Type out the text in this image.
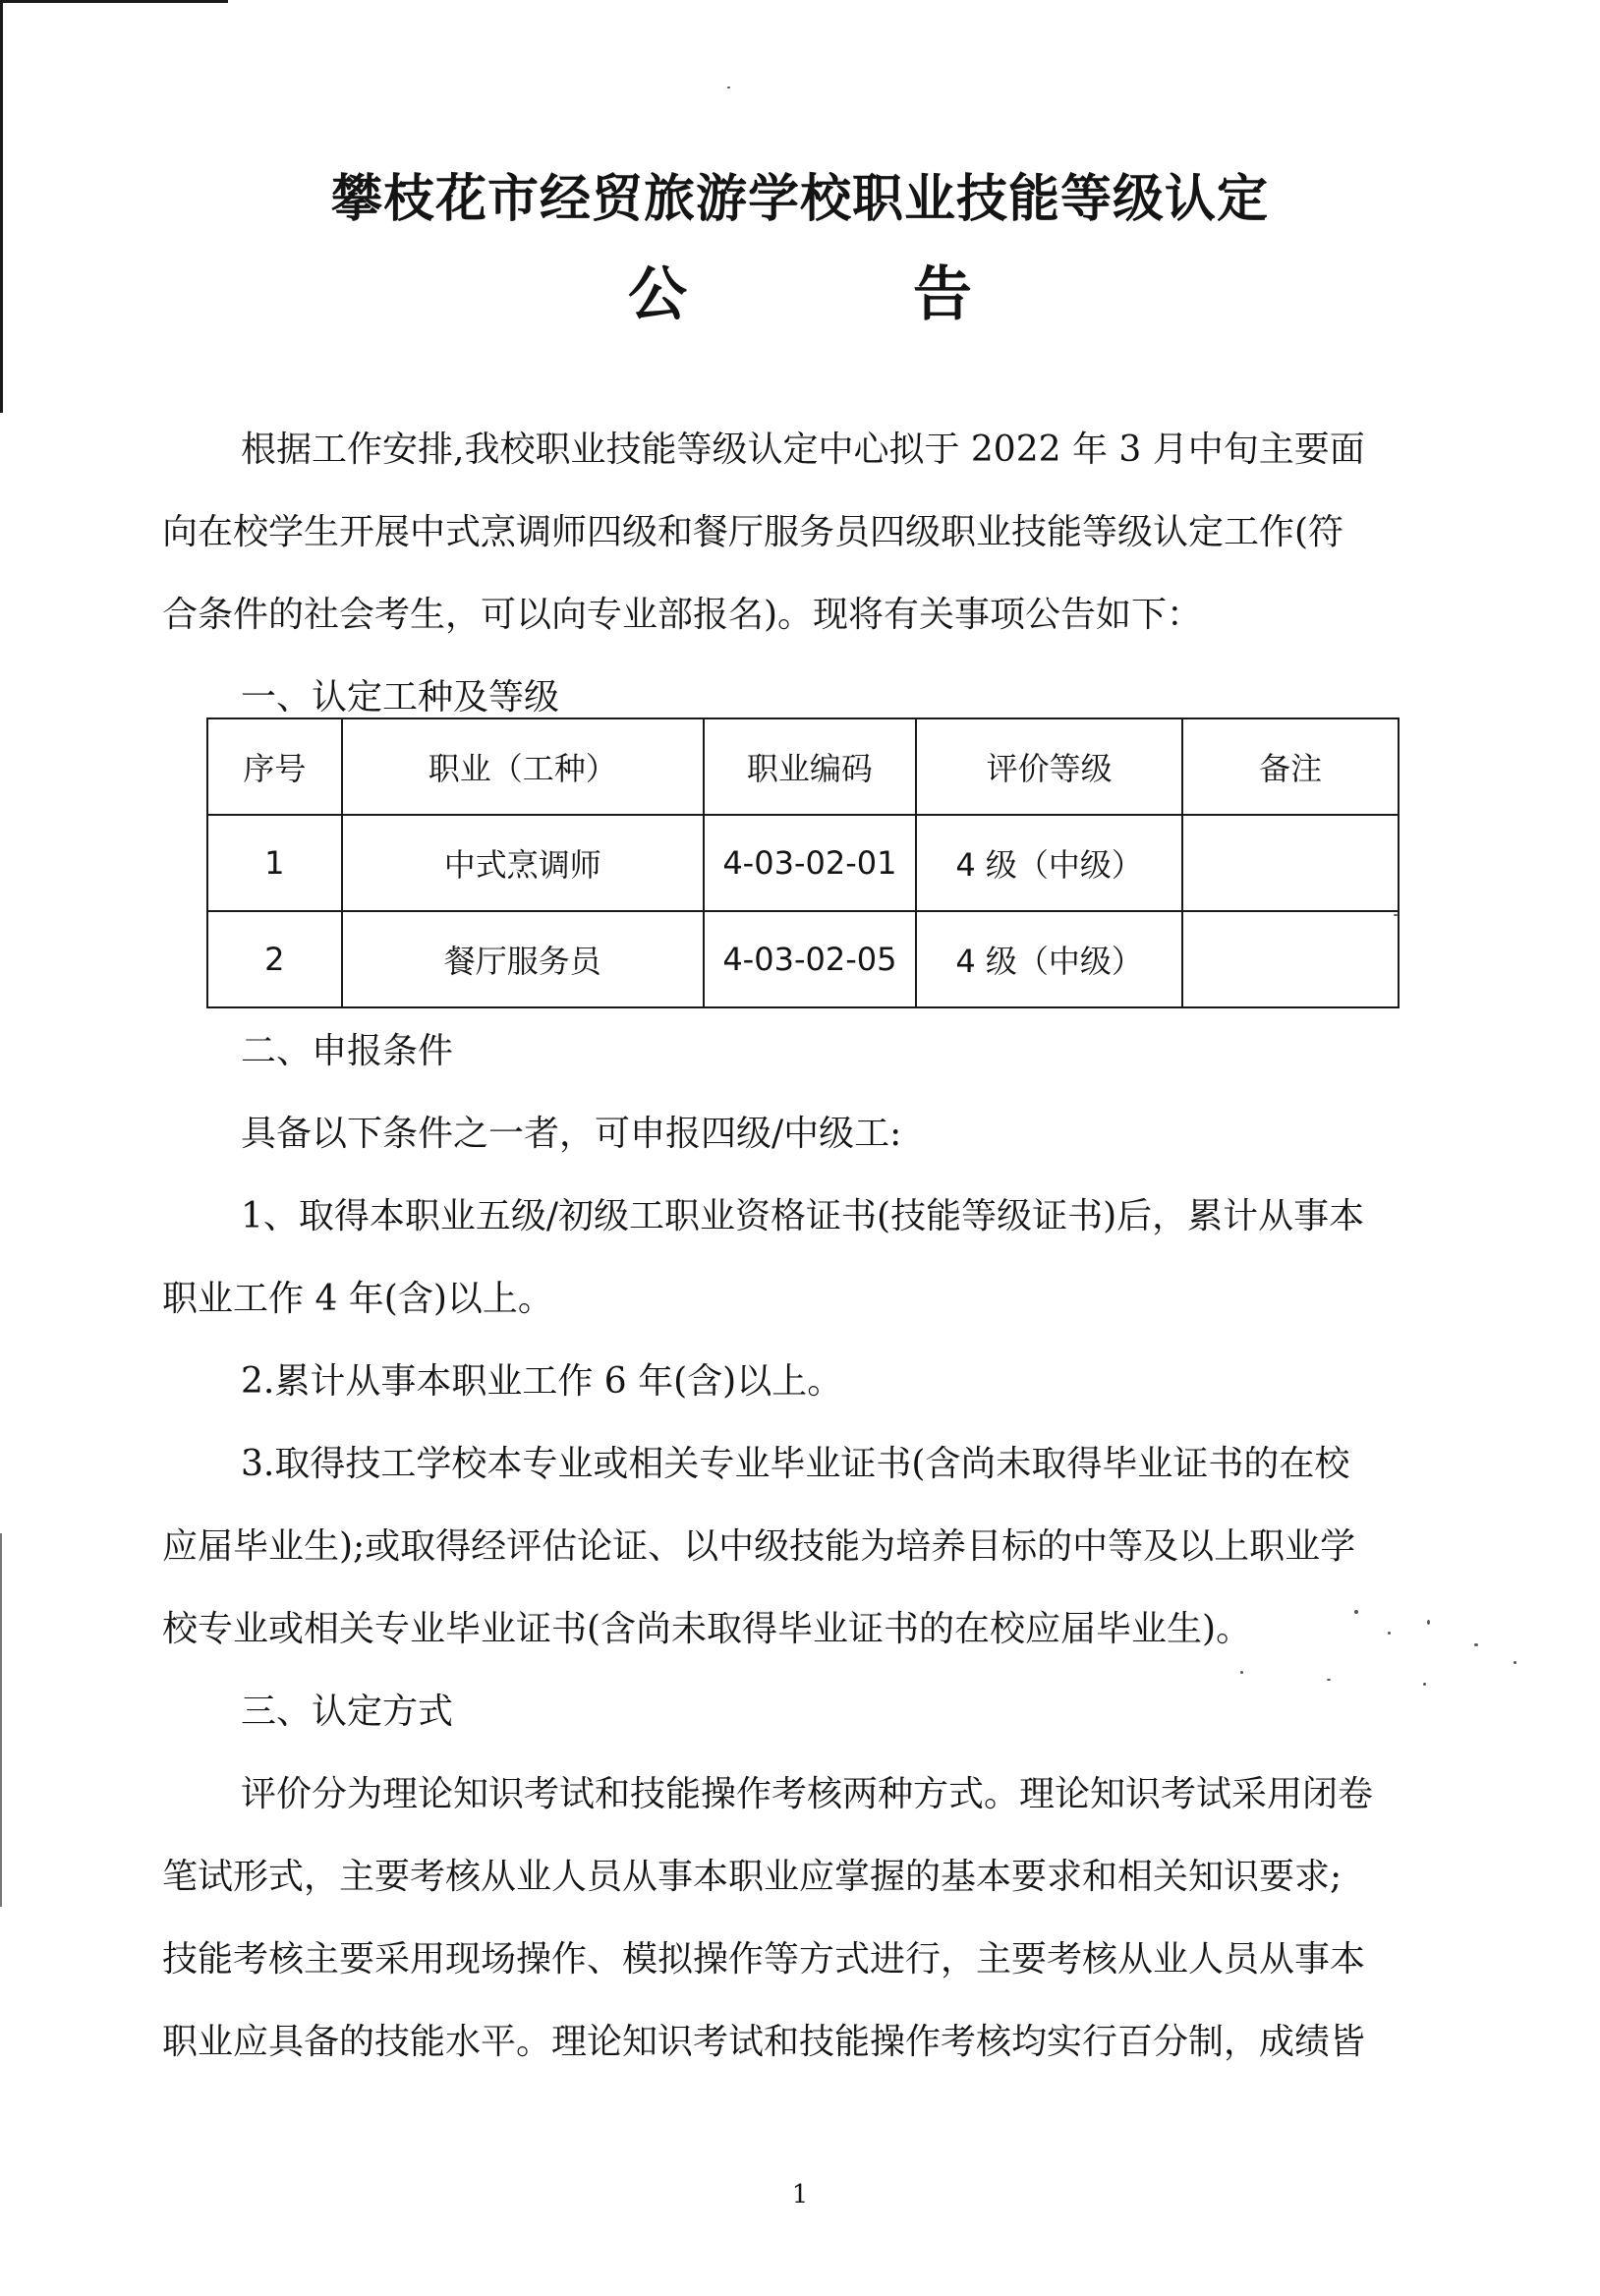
攀枝花市经贸旅游学校职业技能等级认定
公告
根据工作安排,我校职业技能等级认定中心拟于 2022 年 3 月中旬主要面
向在校学生开展中式烹调师四级和餐厅服务员四级职业技能等级认定工作(符
合条件的社会考生，可以向专业部报名)。现将有关事项公告如下：
一、认定工种及等级
序号	职业（工种）	职业编码	评价等级	备注
1	中式烹调师	4-03-02-01	4 级（中级）	
2	餐厅服务员	4-03-02-05	4 级（中级）	
二、申报条件
具备以下条件之一者，可申报四级/中级工:
1、取得本职业五级/初级工职业资格证书(技能等级证书)后，累计从事本
职业工作 4 年(含)以上。
2.累计从事本职业工作 6 年(含)以上。
3.取得技工学校本专业或相关专业毕业证书(含尚未取得毕业证书的在校
应届毕业生);或取得经评估论证、以中级技能为培养目标的中等及以上职业学
校专业或相关专业毕业证书(含尚未取得毕业证书的在校应届毕业生)。
三、认定方式
评价分为理论知识考试和技能操作考核两种方式。理论知识考试采用闭卷
笔试形式，主要考核从业人员从事本职业应掌握的基本要求和相关知识要求;
技能考核主要采用现场操作、模拟操作等方式进行，主要考核从业人员从事本
职业应具备的技能水平。理论知识考试和技能操作考核均实行百分制，成绩皆
1
